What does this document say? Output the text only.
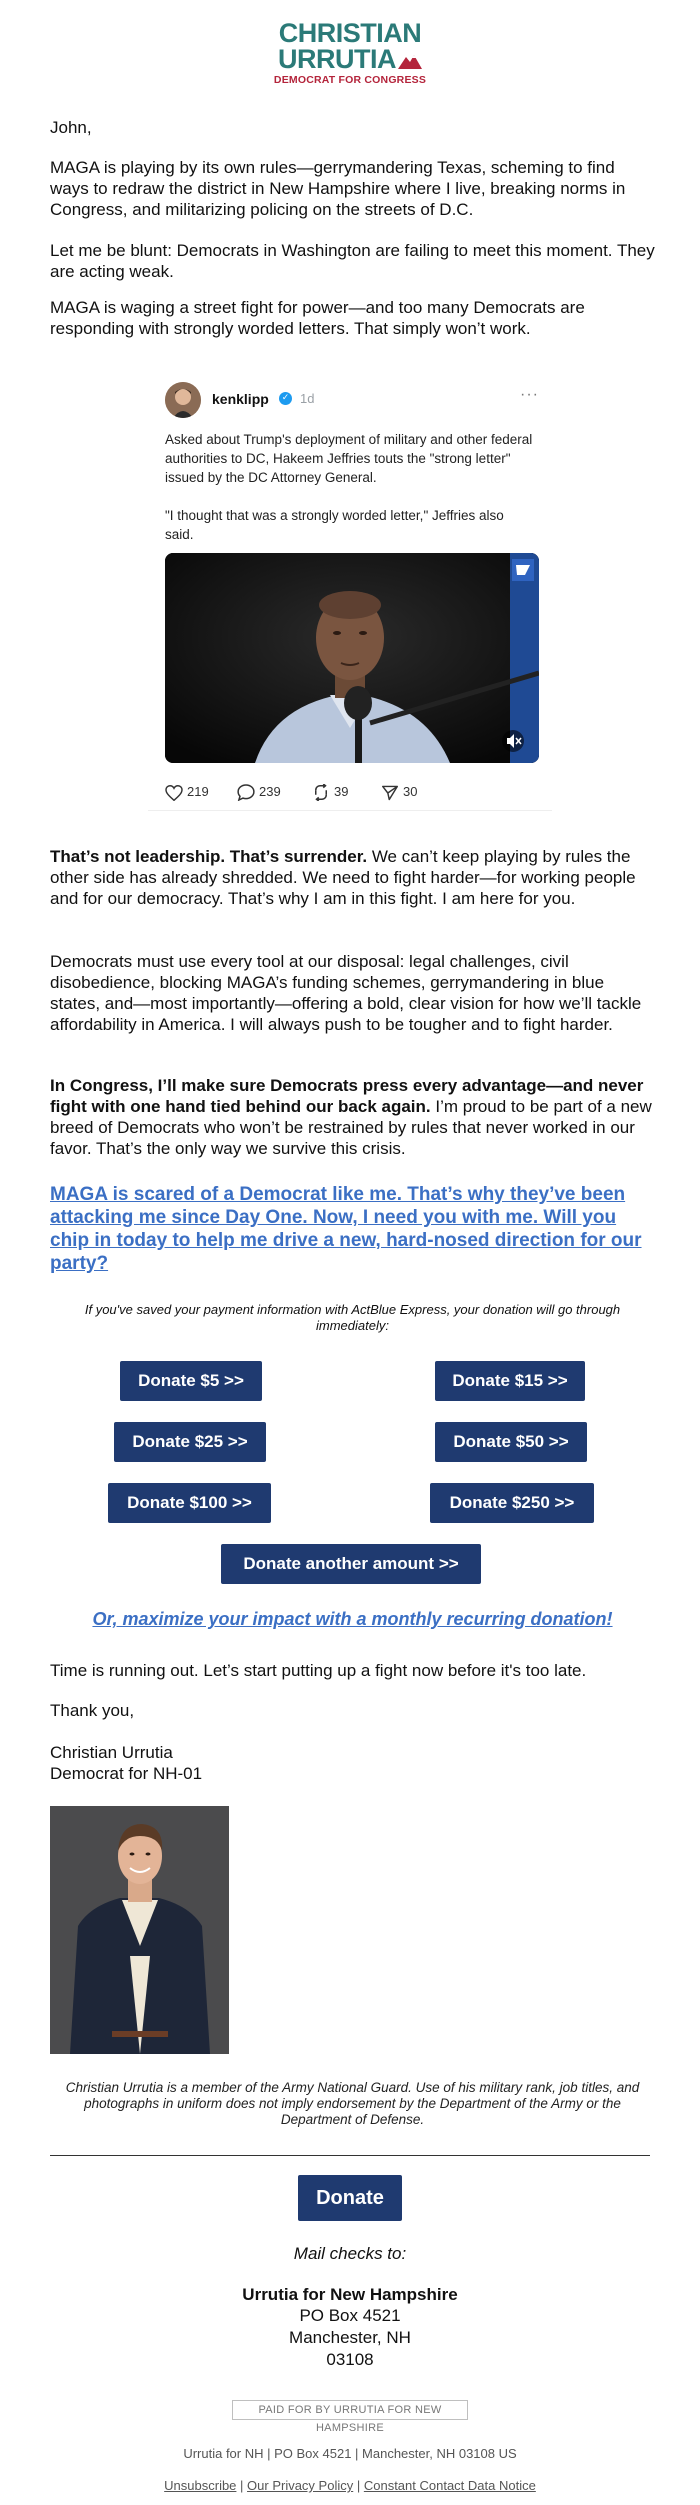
CHRISTIAN
URRUTIA
DEMOCRAT FOR CONGRESS

John,

MAGA is playing by its own rules—gerrymandering Texas, scheming to find ways to redraw the district in New Hampshire where I live, breaking norms in Congress, and militarizing policing on the streets of D.C.

Let me be blunt: Democrats in Washington are failing to meet this moment. They are acting weak.

MAGA is waging a street fight for power—and too many Democrats are responding with strongly worded letters. That simply won’t work.

kenklipp	✓ 1d	···
Asked about Trump's deployment of military and other federal authorities to DC, Hakeem Jeffries touts the "strong letter" issued by the DC Attorney General.
"I thought that was a strongly worded letter," Jeffries also said.
219	239	39	30

That’s not leadership. That’s surrender. We can’t keep playing by rules the other side has already shredded. We need to fight harder—for working people and for our democracy. That’s why I am in this fight. I am here for you.

Democrats must use every tool at our disposal: legal challenges, civil disobedience, blocking MAGA’s funding schemes, gerrymandering in blue states, and—most importantly—offering a bold, clear vision for how we’ll tackle affordability in America. I will always push to be tougher and to fight harder.

In Congress, I’ll make sure Democrats press every advantage—and never fight with one hand tied behind our back again. I’m proud to be part of a new breed of Democrats who won’t be restrained by rules that never worked in our favor. That’s the only way we survive this crisis.

MAGA is scared of a Democrat like me. That’s why they’ve been attacking me since Day One. Now, I need you with me. Will you chip in today to help me drive a new, hard-nosed direction for our party?
If you've saved your payment information with ActBlue Express, your donation will go through immediately:
Donate $5 >>	Donate $15 >>
Donate $25 >>	Donate $50 >>
Donate $100 >>	Donate $250 >>
Donate another amount >>
Or, maximize your impact with a monthly recurring donation!

Time is running out. Let’s start putting up a fight now before it's too late.

Thank you,

Christian Urrutia

Democrat for NH-01

Christian Urrutia is a member of the Army National Guard. Use of his military rank, job titles, and photographs in uniform does not imply endorsement by the Department of the Army or the Department of Defense.
Donate
Mail checks to:
Urrutia for New Hampshire
PO Box 4521
Manchester, NH
03108
PAID FOR BY URRUTIA FOR NEW HAMPSHIRE
Urrutia for NH | PO Box 4521 | Manchester, NH 03108 US
Unsubscribe | Our Privacy Policy | Constant Contact Data Notice
